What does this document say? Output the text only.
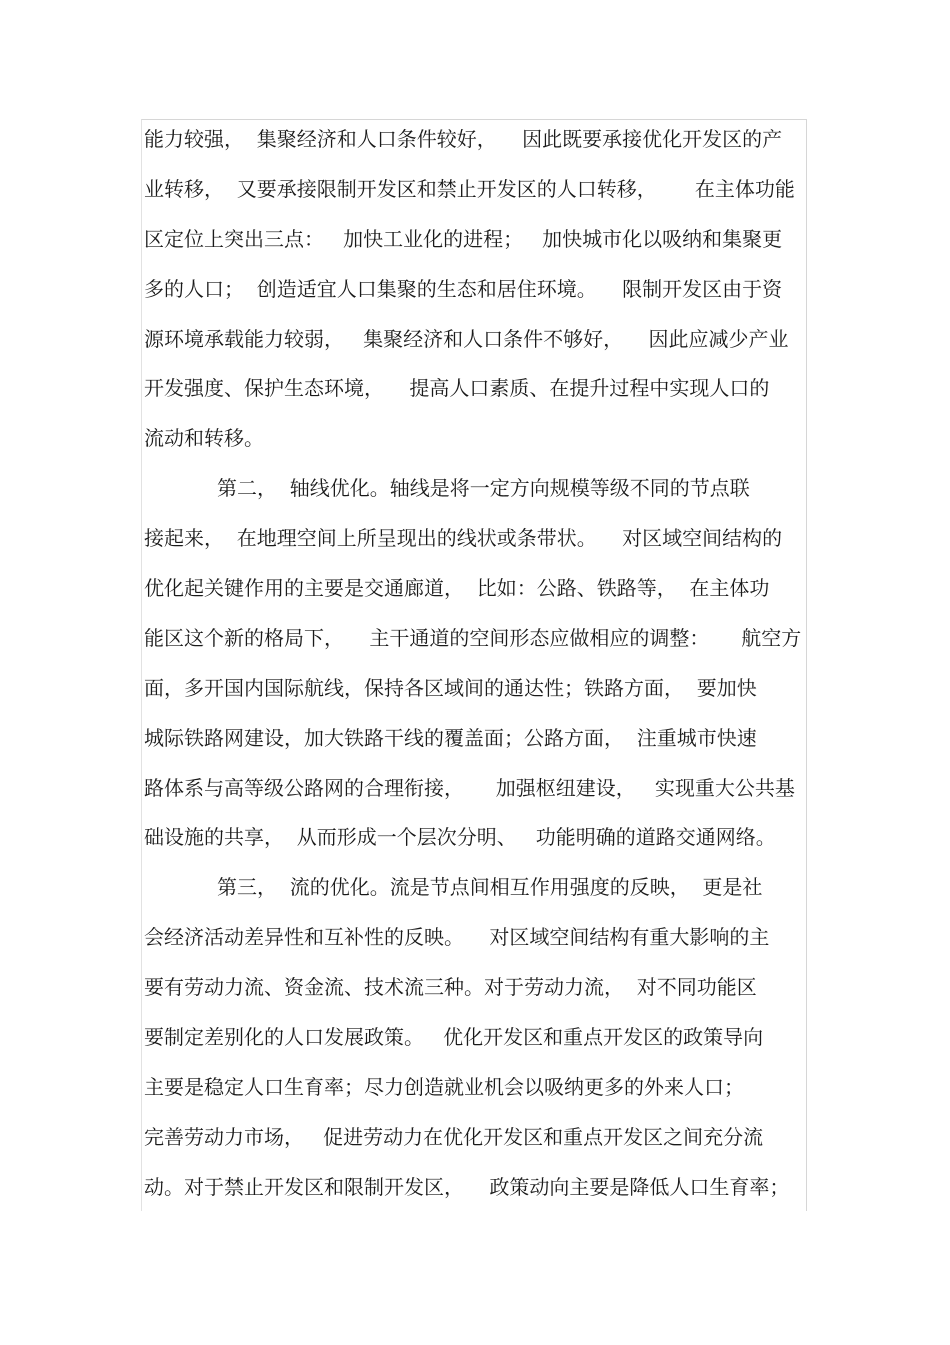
能力较强，  集聚经济和人口条件较好，    因此既要承接优化开发区的产
业转移，  又要承接限制开发区和禁止开发区的人口转移，      在主体功能
区定位上突出三点：   加快工业化的进程；   加快城市化以吸纳和集聚更
多的人口；  创造适宜人口集聚的生态和居住环境。    限制开发区由于资
源环境承载能力较弱，   集聚经济和人口条件不够好，    因此应减少产业
开发强度、保护生态环境，    提高人口素质、在提升过程中实现人口的
流动和转移。
第二，  轴线优化。轴线是将一定方向规模等级不同的节点联
接起来，  在地理空间上所呈现出的线状或条带状。    对区域空间结构的
优化起关键作用的主要是交通廊道，  比如：公路、铁路等，  在主体功
能区这个新的格局下，    主干通道的空间形态应做相应的调整：     航空方
面，多开国内国际航线，保持各区域间的通达性；铁路方面，  要加快
城际铁路网建设，加大铁路干线的覆盖面；公路方面，  注重城市快速
路体系与高等级公路网的合理衔接，     加强枢纽建设，   实现重大公共基
础设施的共享，  从而形成一个层次分明、   功能明确的道路交通网络。
第三，  流的优化。流是节点间相互作用强度的反映，  更是社
会经济活动差异性和互补性的反映。    对区域空间结构有重大影响的主
要有劳动力流、资金流、技术流三种。对于劳动力流，  对不同功能区
要制定差别化的人口发展政策。   优化开发区和重点开发区的政策导向
主要是稳定人口生育率；尽力创造就业机会以吸纳更多的外来人口；
完善劳动力市场，   促进劳动力在优化开发区和重点开发区之间充分流
动。对于禁止开发区和限制开发区，    政策动向主要是降低人口生育率；
